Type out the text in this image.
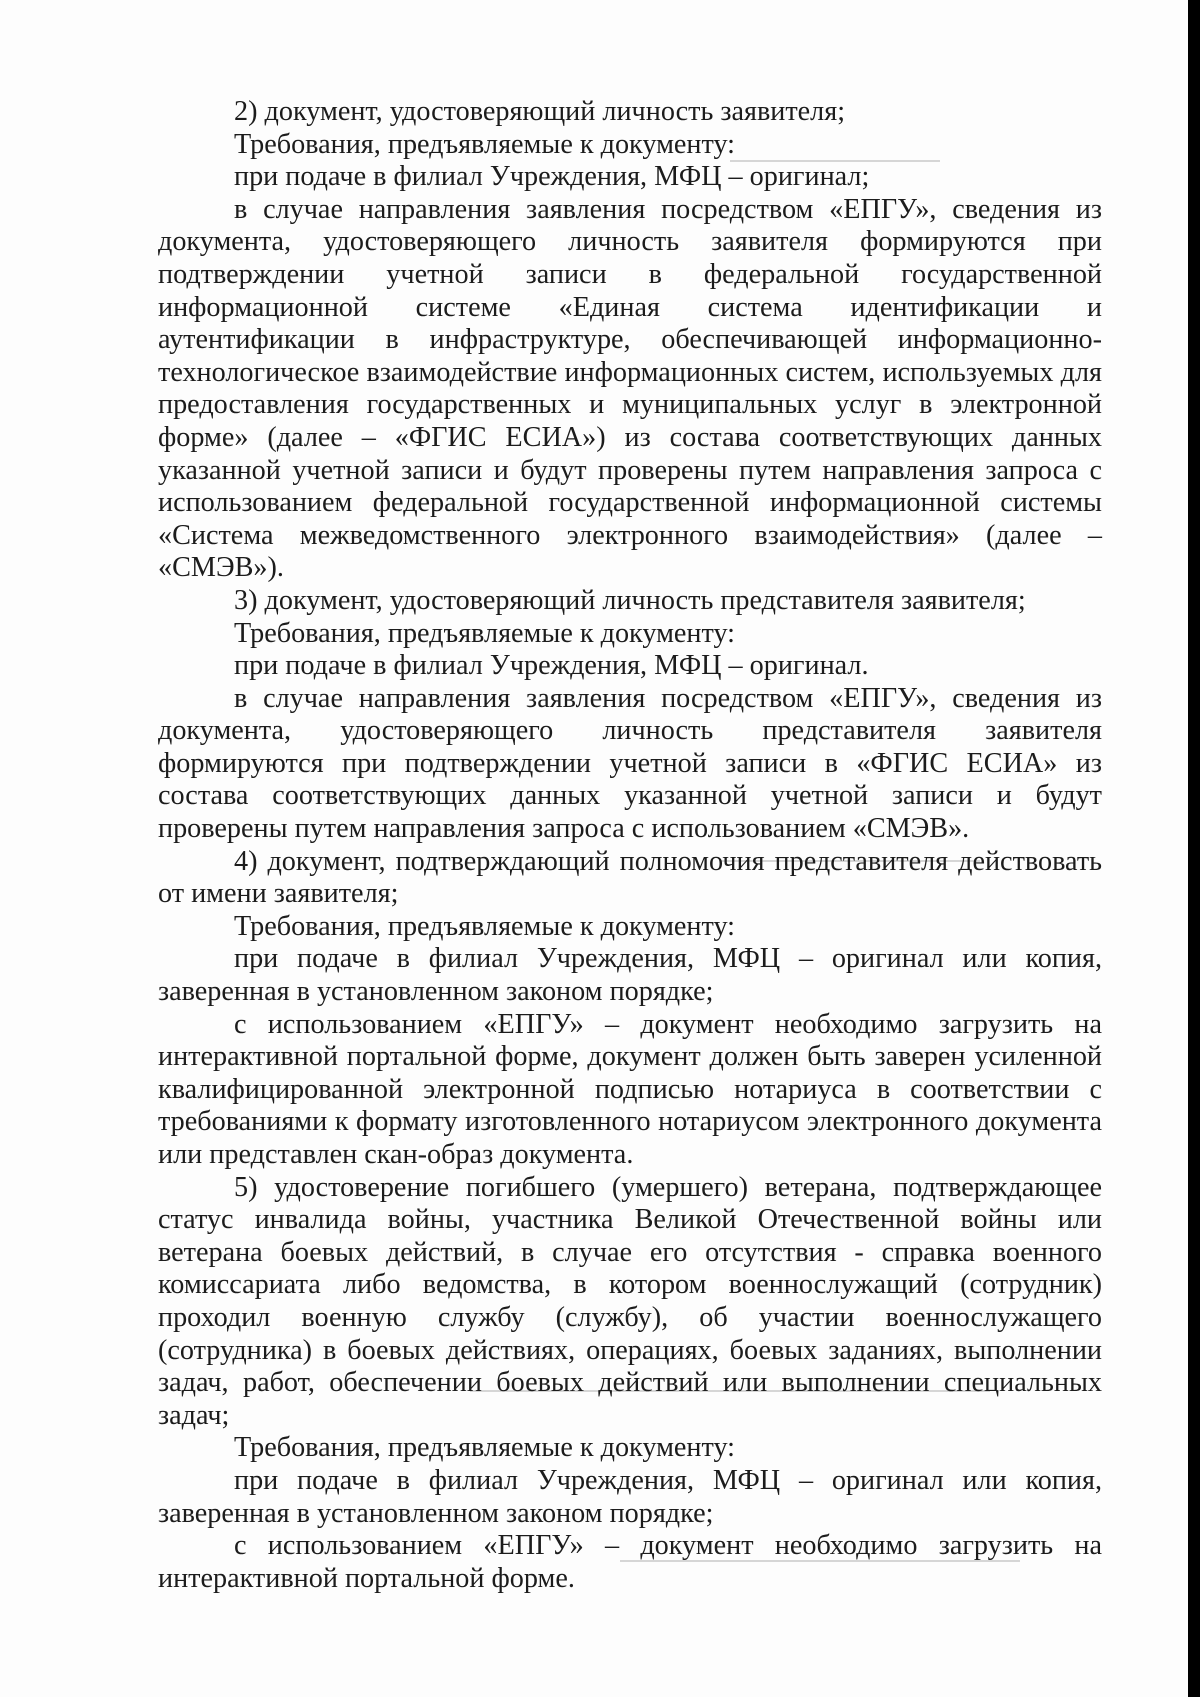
2) документ, удостоверяющий личность заявителя;

Требования, предъявляемые к документу:

при подаче в филиал Учреждения, МФЦ – оригинал;

в случае направления заявления посредством «ЕПГУ», сведения из документа, удостоверяющего личность заявителя формируются при подтверждении учетной записи в федеральной государственной информационной системе «Единая система идентификации и аутентификации в инфраструктуре, обеспечивающей информационно-технологическое взаимодействие информационных систем, используемых для предоставления государственных и муниципальных услуг в электронной форме» (далее – «ФГИС ЕСИА») из состава соответствующих данных указанной учетной записи и будут проверены путем направления запроса с использованием федеральной государственной информационной системы «Система межведомственного электронного взаимодействия» (далее – «СМЭВ»).

3) документ, удостоверяющий личность представителя заявителя;

Требования, предъявляемые к документу:

при подаче в филиал Учреждения, МФЦ – оригинал.

в случае направления заявления посредством «ЕПГУ», сведения из документа, удостоверяющего личность представителя заявителя формируются при подтверждении учетной записи в «ФГИС ЕСИА» из состава соответствующих данных указанной учетной записи и будут проверены путем направления запроса с использованием «СМЭВ».

4) документ, подтверждающий полномочия представителя действовать от имени заявителя;

Требования, предъявляемые к документу:

при подаче в филиал Учреждения, МФЦ – оригинал или копия, заверенная в установленном законом порядке;

с использованием «ЕПГУ» – документ необходимо загрузить на интерактивной портальной форме, документ должен быть заверен усиленной квалифицированной электронной подписью нотариуса в соответствии с требованиями к формату изготовленного нотариусом электронного документа или представлен скан-образ документа.

5) удостоверение погибшего (умершего) ветерана, подтверждающее статус инвалида войны, участника Великой Отечественной войны или ветерана боевых действий, в случае его отсутствия - справка военного комиссариата либо ведомства, в котором военнослужащий (сотрудник) проходил военную службу (службу), об участии военнослужащего (сотрудника) в боевых действиях, операциях, боевых заданиях, выполнении задач, работ, обеспечении боевых действий или выполнении специальных задач;

Требования, предъявляемые к документу:

при подаче в филиал Учреждения, МФЦ – оригинал или копия, заверенная в установленном законом порядке;

с использованием «ЕПГУ» – документ необходимо загрузить на интерактивной портальной форме.
